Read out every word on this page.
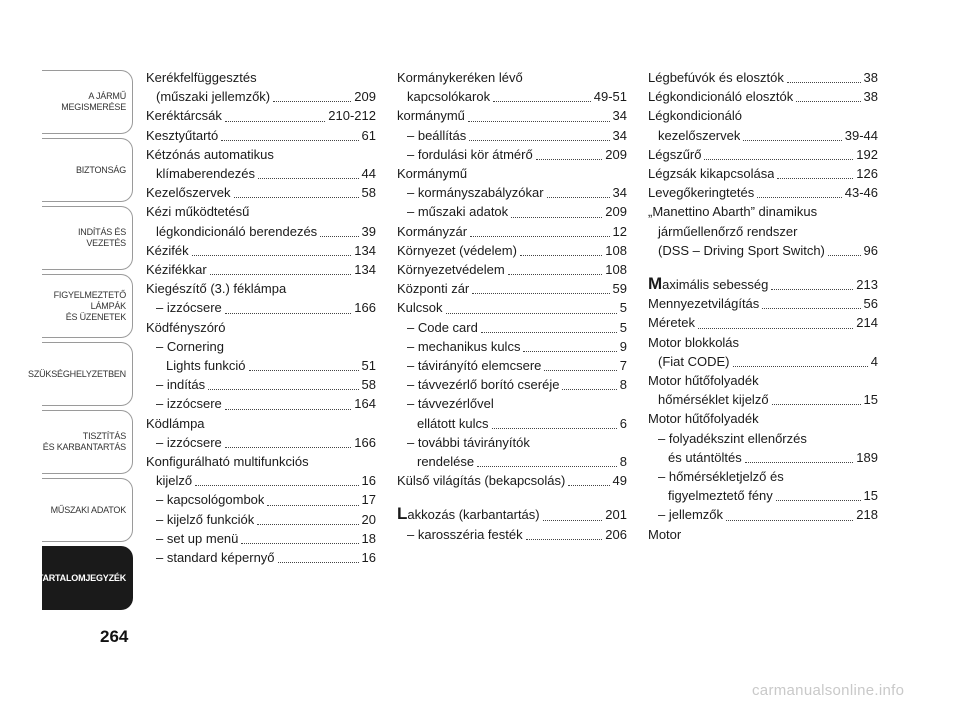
A JÁRMŰ
MEGISMERÉSE
BIZTONSÁG
INDÍTÁS ÉS VEZETÉS
FIGYELMEZTETŐ
LÁMPÁK
ÉS ÜZENETEK
SZÜKSÉGHELYZETBEN
TISZTÍTÁS
ÉS KARBANTARTÁS
MŰSZAKI ADATOK
TARTALOMJEGYZÉK
264
Kerékfelfüggesztés
(műszaki jellemzők)	209
Keréktárcsák	210-212
Kesztyűtartó	61
Kétzónás automatikus
klímaberendezés	44
Kezelőszervek	58
Kézi működtetésű
légkondicionáló berendezés	39
Kézifék	134
Kézifékkar	134
Kiegészítő (3.) féklámpa
– izzócsere	166
Ködfényszóró
– Cornering
Lights funkció	51
– indítás	58
– izzócsere	164
Ködlámpa
– izzócsere	166
Konfigurálható multifunkciós
kijelző	16
– kapcsológombok	17
– kijelző funkciók	20
– set up menü	18
– standard képernyő	16
Kormánykeréken lévő
kapcsolókarok	49-51
kormánymű	34
– beállítás	34
– fordulási kör átmérő	209
Kormánymű
– kormányszabályzókar	34
– műszaki adatok	209
Kormányzár	12
Környezet (védelem)	108
Környezetvédelem	108
Központi zár	59
Kulcsok	5
– Code card	5
– mechanikus kulcs	9
– távirányító elemcsere	7
– távvezérlő borító cseréje	8
– távvezérlővel
ellátott kulcs	6
– további távirányítók
rendelése	8
Külső világítás (bekapcsolás)	49
Lakkozás (karbantartás)	201
– karosszéria festék	206
Légbefúvók és elosztók	38
Légkondicionáló elosztók	38
Légkondicionáló
kezelőszervek	39-44
Légszűrő	192
Légzsák kikapcsolása	126
Levegőkeringtetés	43-46
„Manettino Abarth” dinamikus
járműellenőrző rendszer
(DSS – Driving Sport Switch)	96
Maximális sebesség	213
Mennyezetvilágítás	56
Méretek	214
Motor blokkolás
(Fiat CODE)	4
Motor hűtőfolyadék
hőmérséklet kijelző	15
Motor hűtőfolyadék
– folyadékszint ellenőrzés
és utántöltés	189
– hőmérsékletjelző és
figyelmeztető fény	15
– jellemzők	218
Motor
carmanualsonline.info
